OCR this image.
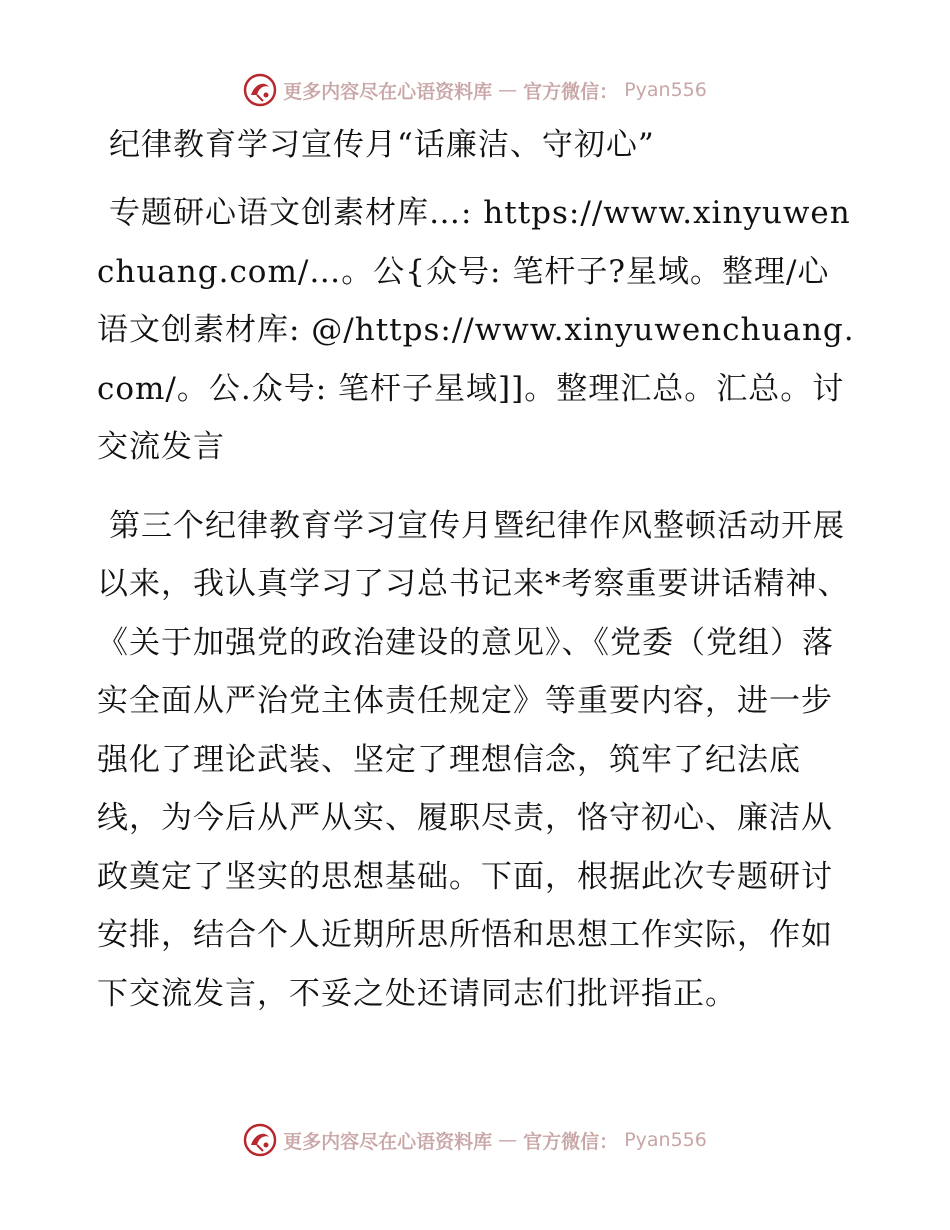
更多内容尽在心语资料库 — 官方微信： Pyan556
纪律教育学习宣传月“话廉洁、守初心”

专题研心语文创素材库…: https://www.xinyuwenchuang.com/…。公{众号: 笔杆子?星域。整理/心语文创素材库: @/https://www.xinyuwenchuang.com/。公.众号: 笔杆子星域]]。整理汇总。汇总。讨交流发言

第三个纪律教育学习宣传月暨纪律作风整顿活动开展以来，我认真学习了习总书记来*考察重要讲话精神、《关于加强党的政治建设的意见》、《党委（党组）落实全面从严治党主体责任规定》等重要内容，进一步强化了理论武装、坚定了理想信念，筑牢了纪法底线，为今后从严从实、履职尽责，恪守初心、廉洁从政奠定了坚实的思想基础。下面，根据此次专题研讨安排，结合个人近期所思所悟和思想工作实际，作如下交流发言，不妥之处还请同志们批评指正。

更多内容尽在心语资料库 — 官方微信： Pyan556
